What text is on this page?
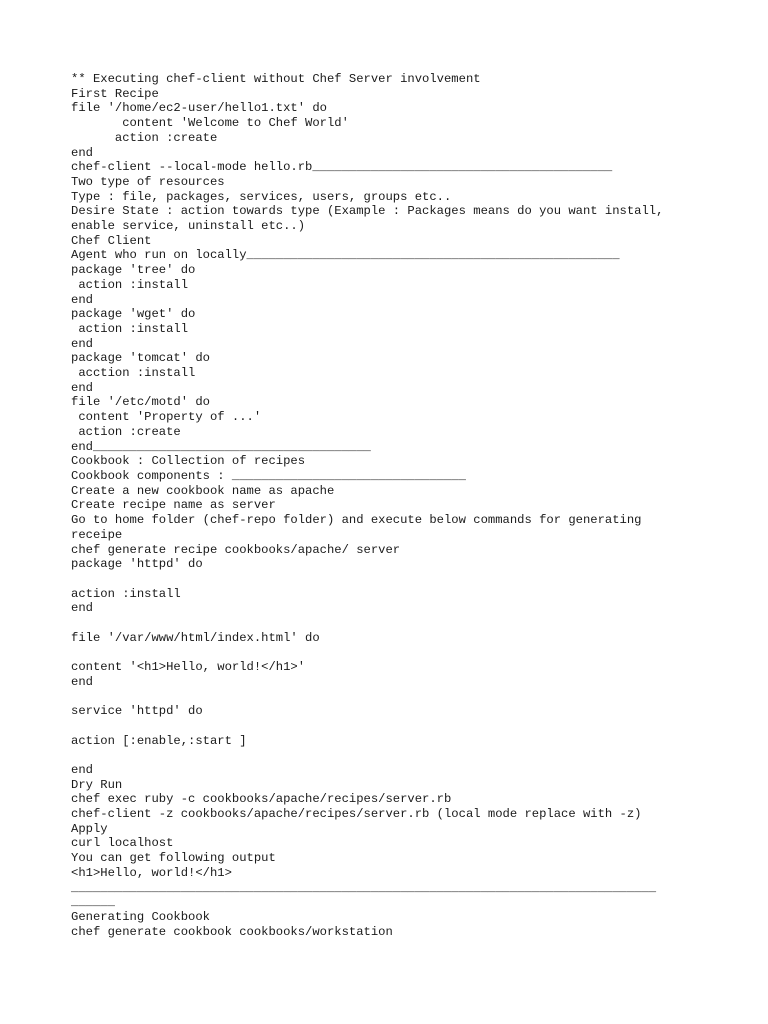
** Executing chef-client without Chef Server involvement
First Recipe
file '/home/ec2-user/hello1.txt' do
content 'Welcome to Chef World'
action :create
end
chef-client --local-mode hello.rb_________________________________________
Two type of resources
Type : file, packages, services, users, groups etc..
Desire State : action towards type (Example : Packages means do you want install,
enable service, uninstall etc..)
Chef Client
Agent who run on locally___________________________________________________
package 'tree' do
action :install
end
package 'wget' do
action :install
end
package 'tomcat' do
acction :install
end
file '/etc/motd' do
content 'Property of ...'
action :create
end______________________________________
Cookbook : Collection of recipes
Cookbook components : ________________________________
Create a new cookbook name as apache
Create recipe name as server
Go to home folder (chef-repo folder) and execute below commands for generating
receipe
chef generate recipe cookbooks/apache/ server
package 'httpd' do
action :install
end
file '/var/www/html/index.html' do
content '<h1>Hello, world!</h1>'
end
service 'httpd' do
action [:enable,:start ]
end
Dry Run
chef exec ruby -c cookbooks/apache/recipes/server.rb
chef-client -z cookbooks/apache/recipes/server.rb (local mode replace with -z)
Apply
curl localhost
You can get following output
<h1>Hello, world!</h1>
________________________________________________________________________________
______
Generating Cookbook
chef generate cookbook cookbooks/workstation
